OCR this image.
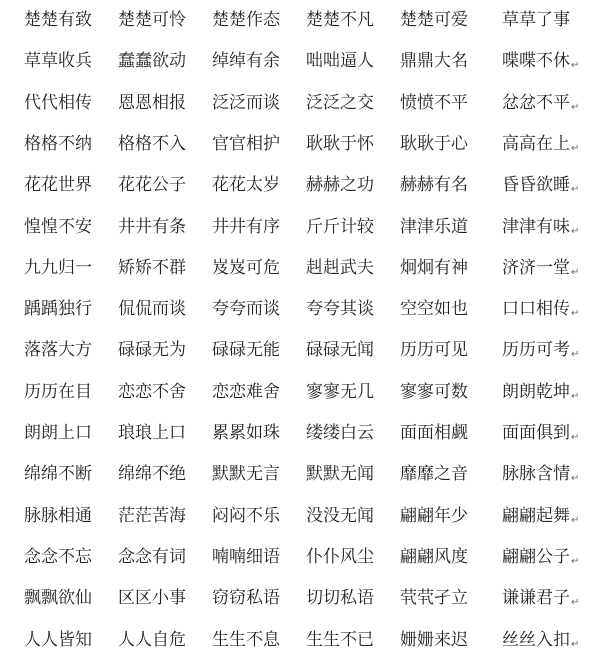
楚楚有致 楚楚可怜 楚楚作态 楚楚不凡 楚楚可爱 草草了事
草草收兵 蠢蠢欲动 绰绰有余 咄咄逼人 鼎鼎大名 喋喋不休↵
代代相传 恩恩相报 泛泛而谈 泛泛之交 愤愤不平 忿忿不平↵
格格不纳 格格不入 官官相护 耿耿于怀 耿耿于心 高高在上↵
花花世界 花花公子 花花太岁 赫赫之功 赫赫有名 昏昏欲睡↵
惶惶不安 井井有条 井井有序 斤斤计较 津津乐道 津津有味↵
九九归一 矫矫不群 岌岌可危 赳赳武夫 炯炯有神 济济一堂↵
踽踽独行 侃侃而谈 夸夸而谈 夸夸其谈 空空如也 口口相传↵
落落大方 碌碌无为 碌碌无能 碌碌无闻 历历可见 历历可考↵
历历在目 恋恋不舍 恋恋难舍 寥寥无几 寥寥可数 朗朗乾坤↵
朗朗上口 琅琅上口 累累如珠 缕缕白云 面面相觑 面面俱到↵
绵绵不断 绵绵不绝 默默无言 默默无闻 靡靡之音 脉脉含情↵
脉脉相通 茫茫苦海 闷闷不乐 没没无闻 翩翩年少 翩翩起舞↵
念念不忘 念念有词 喃喃细语 仆仆风尘 翩翩风度 翩翩公子↵
飘飘欲仙 区区小事 窃窃私语 切切私语 茕茕孑立 谦谦君子↵
人人皆知 人人自危 生生不息 生生不已 姗姗来迟 丝丝入扣↵
